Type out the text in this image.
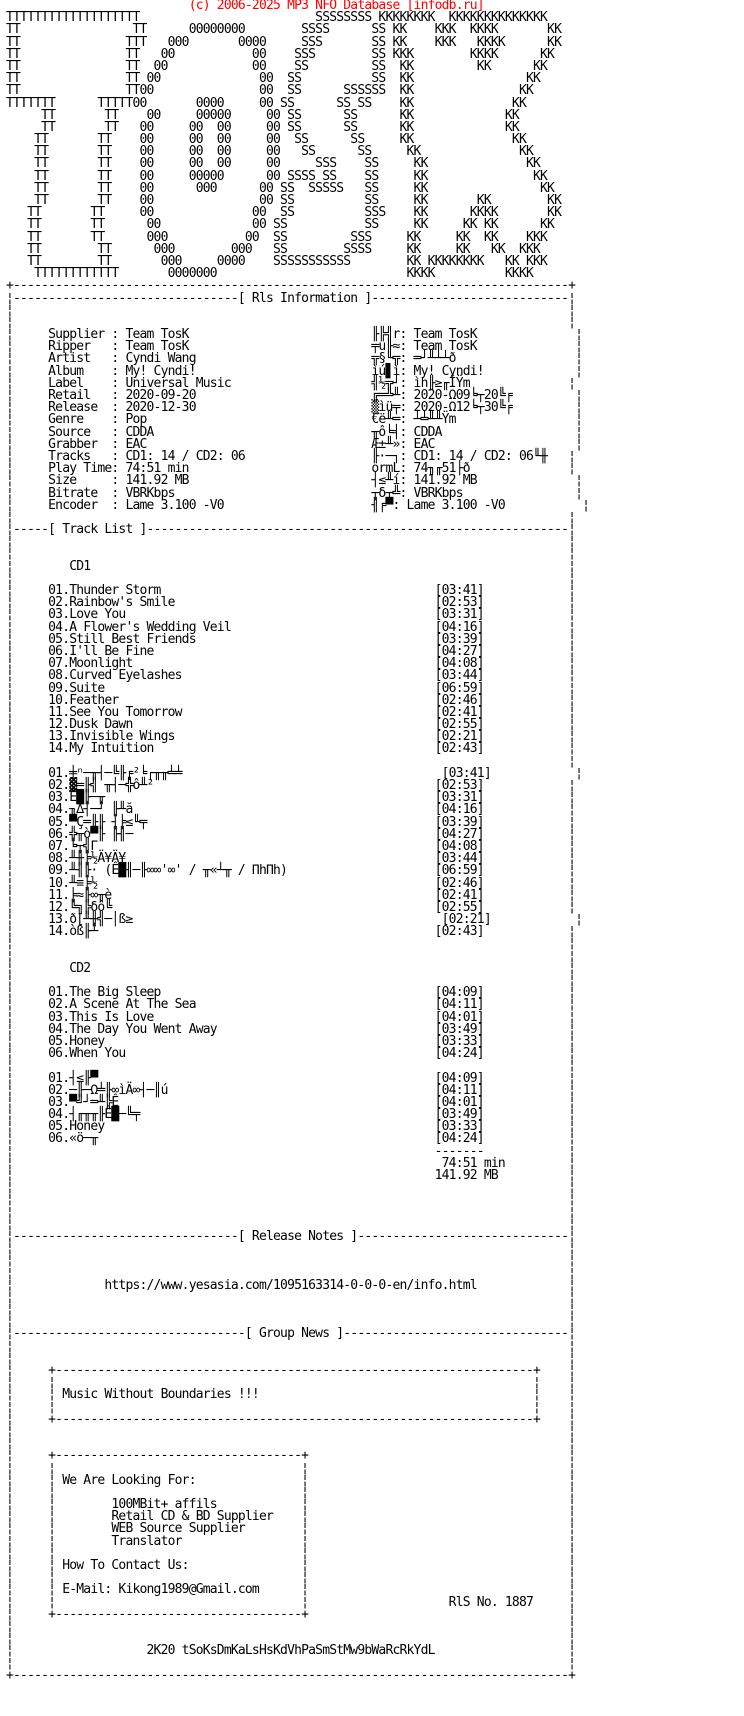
(c) 2006-2025 MP3 NFO Database [infodb.ru]
TTTTTTTTTTTTTTTTTTT                         SSSSSSSS KKKKKKKK  KKKKKKKKKKKKKK
TT                TT      00000000        SSSS      SS KK    KKK  KKKK       KK
TT               TTT   000       0000     SSS       SS KK    KKK   KKKK      KK
TT               TT   00           00    SSS        SS KKK        KKKK      KK
TT               TT  00            00    SS         SS  KK         KK      KK
TT               TT 00              00  SS          SS  KK                KK
TT               TT00               00  SS      SSSSSS  KK               KK
TTTTTTT      TTTTT00       0000     00 SS      SS SS    KK              KK
TT       TT    00     00000     00 SS      SS      KK             KK
TT       TT   00     00  00     00 SS      SS      KK             KK
TT       TT    00     00  00     00  SS      SS     KK              KK
TT       TT    00     00  00     00   SS      SS     KK              KK
TT       TT    00     00  00     00     SSS    SS     KK              KK
TT       TT    00     00000      00 SSSS SS    SS     KK               KK
TT       TT    00      000      00 SS  SSSSS   SS     KK                KK
TT       TT    00               00 SS          SS     KK       KK        KK
TT       TT     00              00  SS          SSS    KK      KKKK       KK
TT       TT      00             00 SS           SS     KK     KK KK      KK
TT       TT      000           00  SS         SSS     KK     KK  KK    KKK
TT        TT      000        000   SS        SSSS     KK     KK   KK  KKK
TT        TT       000     0000    SSSSSSSSSSS        KK KKKKKKKK   KK KKK
TTTTTTTTTTTT       0000000                           KKKK          KKKK
+-------------------------------------------------------------------------------+
¦--------------------------------[ Rls Information ]----------------------------¦
¦                                                                               ¦
¦                                                                               ¦
¦     Supplier : Team TosK                          ╟╠╣r: Team TosK              ¦
¦     Ripper   : Team TosK                          ╤u╟≈: Team TosK              ¦
¦     Artist   : Cyndi Wang                         ╦§╙╦: ═┘╨┴┴ð                 ¦
¦     Album    : My! Cyndi!                         ìú▋ì: My! Cyndi!             ¦
¦     Label    : Universal Music                    ╣½╦┘: ìh╟≥╓ÎŸm              ¦
¦     Retail   : 2020-09-20                         ╔═╩╨: 2020-Ω09╘┬20╚╒         ¦
¦     Release  : 2020-12-30                         ▒ìü╤: 2020-Ω12╘┬30╚╒         ¦
¦     Genre    : Pop                                €ë╨═: ┴╧╨╨Ÿm                 ¦
¦     Source   : CDDA                               ╥ô╘╡: CDDA                   ¦
¦     Grabber  : EAC                                Æ±╨»: EAC                    ¦
¦     Tracks   : CD1: 14 / CD2: 06                  ╟·─┐: CD1: 14 / CD2: 06╙╫   ¦
¦     Play Time: 74:51 min                          ormL: 74╖╓51├ð              ¦
¦     Size     : 141.92 MB                          ┤≤╨í: 141.92 MB              ¦
¦     Bitrate  : VBRKbps                            ┬δ┬╩: VBRKbps                ¦
¦     Encoder  : Lame 3.100 -V0                     ╢╒▀: Lame 3.100 -V0           ¦
¦                                                                               ¦
¦-----[ Track List ]------------------------------------------------------------¦
¦                                                                               ¦
¦                                                                               ¦
¦        CD1                                                                    ¦
¦                                                                               ¦
¦     01.Thunder Storm                                       [03:41]            ¦
¦     02.Rainbow's Smile                                     [02:53]            ¦
¦     03.Love You                                            [03:31]            ¦
¦     04.A Flower's Wedding Veil                             [04:16]            ¦
¦     05.Still Best Friends                                  [03:39]            ¦
¦     06.I'll Be Fine                                        [04:27]            ¦
¦     07.Moonlight                                           [04:08]            ¦
¦     08.Curved Eyelashes                                    [03:44]            ¦
¦     09.Suite                                               [06:59]            ¦
¦     10.Feather                                             [02:46]            ¦
¦     11.See You Tomorrow                                    [02:41]            ¦
¦     12.Dusk Dawn                                           [02:55]            ¦
¦     13.Invisible Wings                                     [02:21]            ¦
¦     14.My Intuition                                        [02:43]            ¦
¦                                                                               ¦
¦     01.╪ⁿ─╥┤─╚╟╒²╘┌╥╥╧╧                                     [03:41]            ¦
¦     02.▓═╟╣ ╥┤─╬ô╨²                                        [02:53]            ¦
¦     03.Ê█╟─╥                                               [03:31]            ¦
¦     04.╖∆┤─┘ ╟╨ă                                           [04:16]            ¦
¦     05.▀Ç═╟╟ ┤╞≤╙╤                                         [03:39]            ¦
¦     06.╬╥ò▀╟ ╟╢─                                           [04:27]            ¦
¦     07.╘┬╣Γ                                                [04:08]            ¦
¦     08.╨╫╞½Ä¥Ä¥                                            [03:44]            ¦
¦     09.╨╢╟· (Ê█╢─╟∞∞'∞' / ╥«┴╥ / ΠhΠh)                     [06:59]            ¦
¦     10.╨≡╞½                                                [02:46]            ¦
¦     11.╞≈╟∞╥è                                              [02:41]            ¦
¦     12.╚╗╠δô╚                                              [02:55]            ¦
¦     13.ð[╨╫╣─│ß≥                                            [02:21]            ¦
¦     14.òß╟┴                                                [02:43]            ¦
¦                                                                               ¦
¦                                                                               ¦
¦        CD2                                                                    ¦
¦                                                                               ¦
¦     01.The Big Sleep                                       [04:09]            ¦
¦     02.A Scene At The Sea                                  [04:11]            ¦
¦     03.This Is Love                                        [04:01]            ¦
¦     04.The Day You Went Away                               [03:49]            ¦
¦     05.Honey                                               [03:33]            ¦
¦     06.When You                                            [04:24]            ¦
¦                                                                               ¦
¦     01.┤≤╟▀                                                [04:09]            ¦
¦     02.─╟─Ω╧╟∞ìÄ∞┤─║ú                                      [04:11]            ¦
¦     03.▀╝┘═╨╠Ê                                             [04:01]            ¦
¦     04.┤╓╥╥╟Ê█─╚╤                                          [03:49]            ¦
¦     05.Honey                                               [03:33]            ¦
¦     06.«ö─╥                                                [04:24]            ¦
¦                                                            -------            ¦
¦                                                             74:51 min         ¦
¦                                                            141.92 MB          ¦
¦                                                                               ¦
¦                                                                               ¦
¦                                                                               ¦
¦                                                                               ¦
¦--------------------------------[ Release Notes ]------------------------------¦
¦                                                                               ¦
¦                                                                               ¦
¦                                                                               ¦
¦             https://www.yesasia.com/1095163314-0-0-0-en/info.html             ¦
¦                                                                               ¦
¦                                                                               ¦
¦                                                                               ¦
¦---------------------------------[ Group News ]--------------------------------¦
¦                                                                               ¦
¦                                                                               ¦
¦     +--------------------------------------------------------------------+    ¦
¦     ¦                                                                    ¦    ¦
¦     ¦ Music Without Boundaries !!!                                       ¦    ¦
¦     ¦                                                                    ¦    ¦
¦     +--------------------------------------------------------------------+    ¦
¦                                                                               ¦
¦                                                                               ¦
¦     +-----------------------------------+                                     ¦
¦     ¦                                   ¦                                     ¦
¦     ¦ We Are Looking For:               ¦                                     ¦
¦     ¦                                   ¦                                     ¦
¦     ¦        100MBit+ affils            ¦                                     ¦
¦     ¦        Retail CD & BD Supplier    ¦                                     ¦
¦     ¦        WEB Source Supplier        ¦                                     ¦
¦     ¦        Translator                 ¦                                     ¦
¦     ¦                                   ¦                                     ¦
¦     ¦ How To Contact Us:                ¦                                     ¦
¦     ¦                                   ¦                                     ¦
¦     ¦ E-Mail: Kikong1989@Gmail.com      ¦                                     ¦
¦     ¦                                   ¦                    RlS No. 1887     ¦
¦     +-----------------------------------+                                     ¦
¦                                                                               ¦
¦                                                                               ¦
¦                   2K20 tSoKsDmKaLsHsKdVhPaSmStMw9bWaRcRkYdL                   ¦
¦                                                                               ¦
+-------------------------------------------------------------------------------+
